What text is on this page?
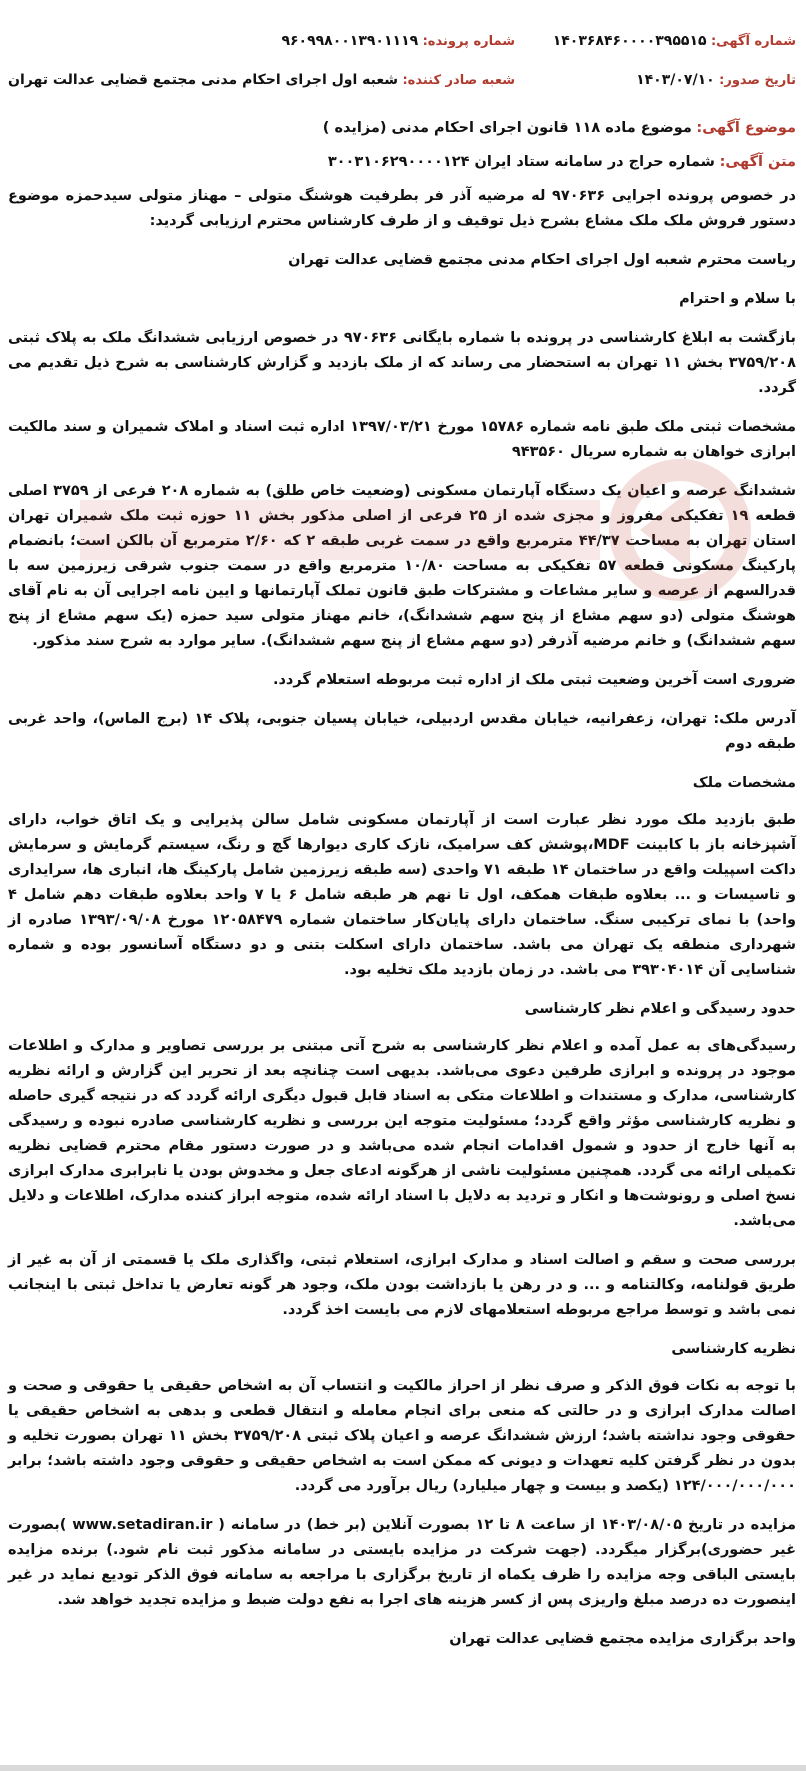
شماره آگهی: ۱۴۰۳۶۸۴۶۰۰۰۰۳۹۵۵۱۵
شماره پرونده: ۹۶۰۹۹۸۰۰۱۳۹۰۱۱۱۹
تاریخ صدور: ۱۴۰۳/۰۷/۱۰
شعبه صادر کننده: شعبه اول اجرای احکام مدنی مجتمع قضایی عدالت تهران
موضوع آگهی: موضوع ماده ۱۱۸ قانون اجرای احکام مدنی (مزایده )
متن آگهی: شماره حراج در سامانه ستاد ایران ۳۰۰۳۱۰۶۲۹۰۰۰۰۱۲۴

در خصوص پرونده اجرایی ۹۷۰۶۳۶ له مرضیه آذر فر بطرفیت هوشنگ متولی – مهناز متولی سیدحمزه موضوع دستور فروش ملک ملک مشاع بشرح ذیل توقیف و از طرف کارشناس محترم ارزیابی گردید:

ریاست محترم شعبه اول اجرای احکام مدنی مجتمع قضایی عدالت تهران

با سلام و احترام

بازگشت به ابلاغ کارشناسی در پرونده با شماره بایگانی ۹۷۰۶۳۶ در خصوص ارزیابی ششدانگ ملک به پلاک ثبتی ۳۷۵۹/۲۰۸ بخش ۱۱ تهران به استحضار می رساند که از ملک بازدید و گزارش کارشناسی به شرح ذیل تقدیم می گردد.

مشخصات ثبتی ملک طبق نامه شماره ۱۵۷۸۶ مورخ ۱۳۹۷/۰۳/۲۱ اداره ثبت اسناد و املاک شمیران و سند مالکیت ابرازی خواهان به شماره سریال ۹۴۳۵۶۰

ششدانگ عرصه و اعیان یک دستگاه آپارتمان مسکونی (وضعیت خاص طلق) به شماره ۲۰۸ فرعی از ۳۷۵۹ اصلی قطعه ۱۹ تفکیکی مفروز و مجزی شده از ۲۵ فرعی از اصلی مذکور بخش ۱۱ حوزه ثبت ملک شمیران تهران استان تهران به مساحت ۴۴/۳۷ مترمربع واقع در سمت غربی طبقه ۲ که ۲/۶۰ مترمربع آن بالکن است؛ بانضمام پارکینگ مسکونی قطعه ۵۷ تفکیکی به مساحت ۱۰/۸۰ مترمربع واقع در سمت جنوب شرقی زیرزمین سه با قدرالسهم از عرصه و سایر مشاعات و مشترکات طبق قانون تملک آپارتمانها و ایین نامه اجرایی آن به نام آقای هوشنگ متولی (دو سهم مشاع از پنج سهم ششدانگ)، خانم مهناز متولی سید حمزه (یک سهم مشاع از پنج سهم ششدانگ) و خانم مرضیه آذرفر (دو سهم مشاع از پنج سهم ششدانگ). سایر موارد به شرح سند مذکور.

ضروری است آخرین وضعیت ثبتی ملک از اداره ثبت مربوطه استعلام گردد.

آدرس ملک: تهران، زعفرانیه، خیابان مقدس اردبیلی، خیابان پسیان جنوبی، پلاک ۱۴ (برج الماس)، واحد غربی طبقه دوم

مشخصات ملک

طبق بازدید ملک مورد نظر عبارت است از آپارتمان مسکونی شامل سالن پذیرایی و یک اتاق خواب، دارای آشپزخانه باز با کابینت MDF،پوشش کف سرامیک، نازک کاری دیوارها گچ و رنگ، سیستم گرمایش و سرمایش داکت اسپیلت واقع در ساختمان ۱۴ طبقه ۷۱ واحدی (سه طبقه زیرزمین شامل پارکینگ ها، انباری ها، سرایداری و تاسیسات و ... بعلاوه طبقات همکف، اول تا نهم هر طبقه شامل ۶ یا ۷ واحد بعلاوه طبقات دهم شامل ۴ واحد) با نمای ترکیبی سنگ. ساختمان دارای پایان‌کار ساختمان شماره ۱۲۰۵۸۴۷۹ مورخ ۱۳۹۳/۰۹/۰۸ صادره از شهرداری منطقه یک تهران می باشد. ساختمان دارای اسکلت بتنی و دو دستگاه آسانسور بوده و شماره شناسایی آن ۳۹۳۰۴۰۱۴ می باشد. در زمان بازدید ملک تخلیه بود.

حدود رسیدگی و اعلام نظر کارشناسی

رسیدگی‌های به عمل آمده و اعلام نظر کارشناسی به شرح آتی مبتنی بر بررسی تصاویر و مدارک و اطلاعات موجود در پرونده و ابرازی طرفین دعوی می‌باشد. بدیهی است چنانچه بعد از تحریر این گزارش و ارائه نظریه کارشناسی، مدارک و مستندات و اطلاعات متکی به اسناد قابل قبول دیگری ارائه گردد که در نتیجه گیری حاصله و نظریه کارشناسی مؤثر واقع گردد؛ مسئولیت متوجه این بررسی و نظریه کارشناسی صادره نبوده و رسیدگی به آنها خارج از حدود و شمول اقدامات انجام شده می‌باشد و در صورت دستور مقام محترم قضایی نظریه تکمیلی ارائه می گردد. همچنین مسئولیت ناشی از هرگونه ادعای جعل و مخدوش بودن یا نابرابری مدارک ابرازی نسخ اصلی و رونوشت‌ها و انکار و تردید به دلایل با اسناد ارائه شده، متوجه ابراز کننده مدارک، اطلاعات و دلایل می‌باشد.

بررسی صحت و سقم و اصالت اسناد و مدارک ابرازی، استعلام ثبتی، واگذاری ملک یا قسمتی از آن به غیر از طریق قولنامه، وکالتنامه و ... و در رهن یا بازداشت بودن ملک، وجود هر گونه تعارض یا تداخل ثبتی با اینجانب نمی باشد و توسط مراجع مربوطه استعلامهای لازم می بایست اخذ گردد.

نظریه کارشناسی

با توجه به نکات فوق الذکر و صرف نظر از احراز مالکیت و انتساب آن به اشخاص حقیقی یا حقوقی و صحت و اصالت مدارک ابرازی و در حالتی که منعی برای انجام معامله و انتقال قطعی و بدهی به اشخاص حقیقی یا حقوقی وجود نداشته باشد؛ ارزش ششدانگ عرصه و اعیان پلاک ثبتی ۳۷۵۹/۲۰۸ بخش ۱۱ تهران بصورت تخلیه و بدون در نظر گرفتن کلیه تعهدات و دیونی که ممکن است به اشخاص حقیقی و حقوقی وجود داشته باشد؛ برابر ۱۲۴/۰۰۰/۰۰۰/۰۰۰ (یکصد و بیست و چهار میلیارد) ریال برآورد می گردد.

مزایده در تاریخ ۱۴۰۳/۰۸/۰۵ از ساعت ۸ تا ۱۲ بصورت آنلاین (بر خط) در سامانه ( www.setadiran.ir )بصورت غیر حضوری)برگزار میگردد. (جهت شرکت در مزایده بایستی در سامانه مذکور ثبت نام شود.) برنده مزایده بایستی الباقی وجه مزایده را ظرف یکماه از تاریخ برگزاری با مراجعه به سامانه فوق الذکر تودیع نماید در غیر اینصورت ده درصد مبلغ واریزی پس از کسر هزینه های اجرا به نفع دولت ضبط و مزایده تجدید خواهد شد.

واحد برگزاری مزایده مجتمع قضایی عدالت تهران
